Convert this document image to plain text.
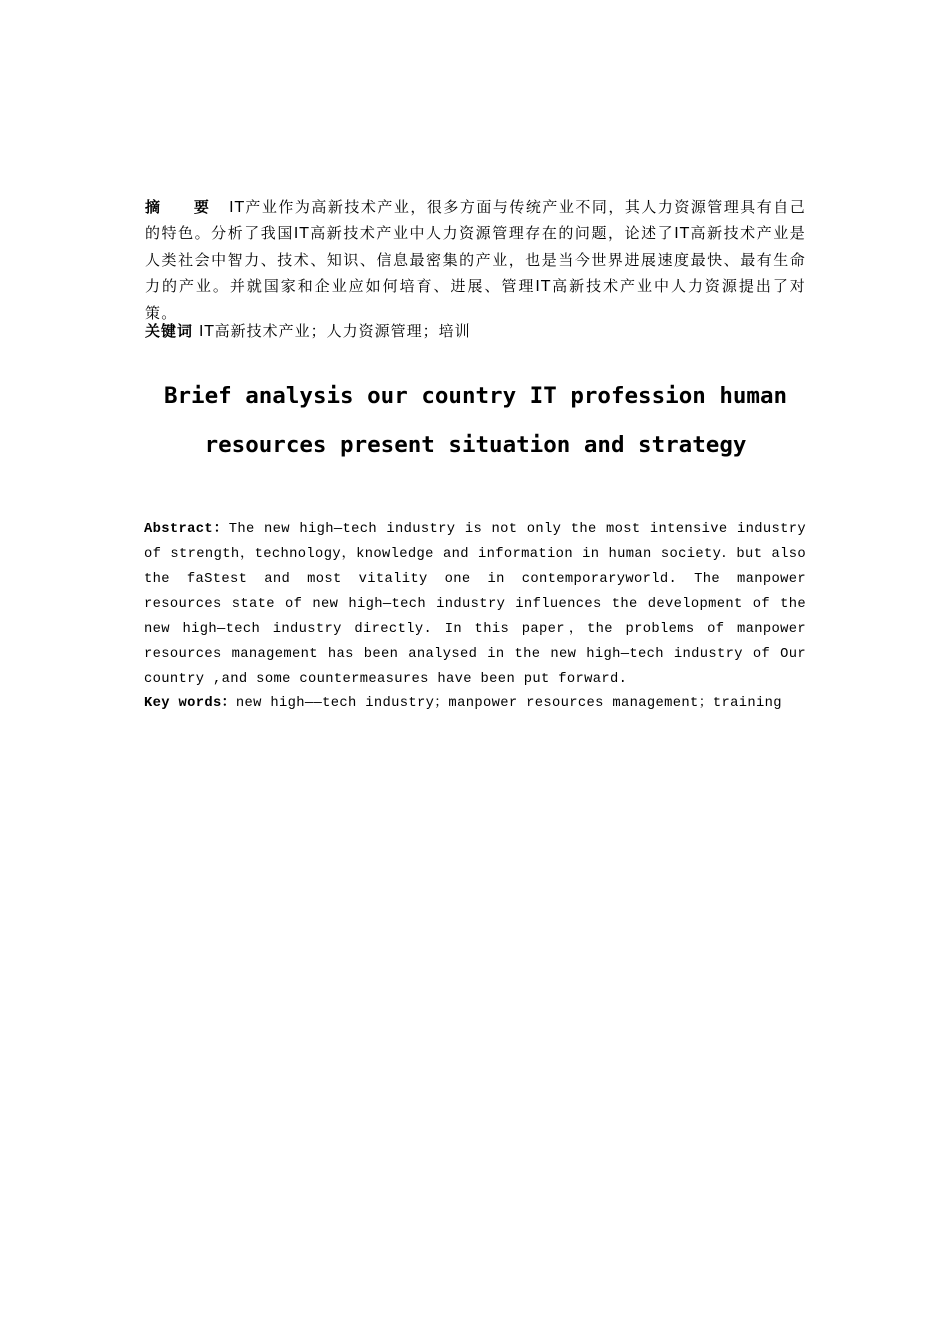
摘 要 IT产业作为高新技术产业，很多方面与传统产业不同，其人力资源管理具有自己的特色。分析了我国IT高新技术产业中人力资源管理存在的问题，论述了IT高新技术产业是人类社会中智力、技术、知识、信息最密集的产业，也是当今世界进展速度最快、最有生命力的产业。并就国家和企业应如何培育、进展、管理IT高新技术产业中人力资源提出了对策。
关键词 IT高新技术产业；人力资源管理；培训
Brief analysis our country IT profession human
resources present situation and strategy
Abstract：The new high—tech industry is not only the most intensive industry of strength，technology，knowledge and information in human society．but also the faStest and most vitality one in contemporaryworld. The manpower resources state of new high—tech industry influences the development of the new high—tech industry directly. In this paper，the problems of manpower resources management has been analysed in the new high—tech industry of Our country ,and some countermeasures have been put forward.
Key words：new high——tech industry；manpower resources management；training
